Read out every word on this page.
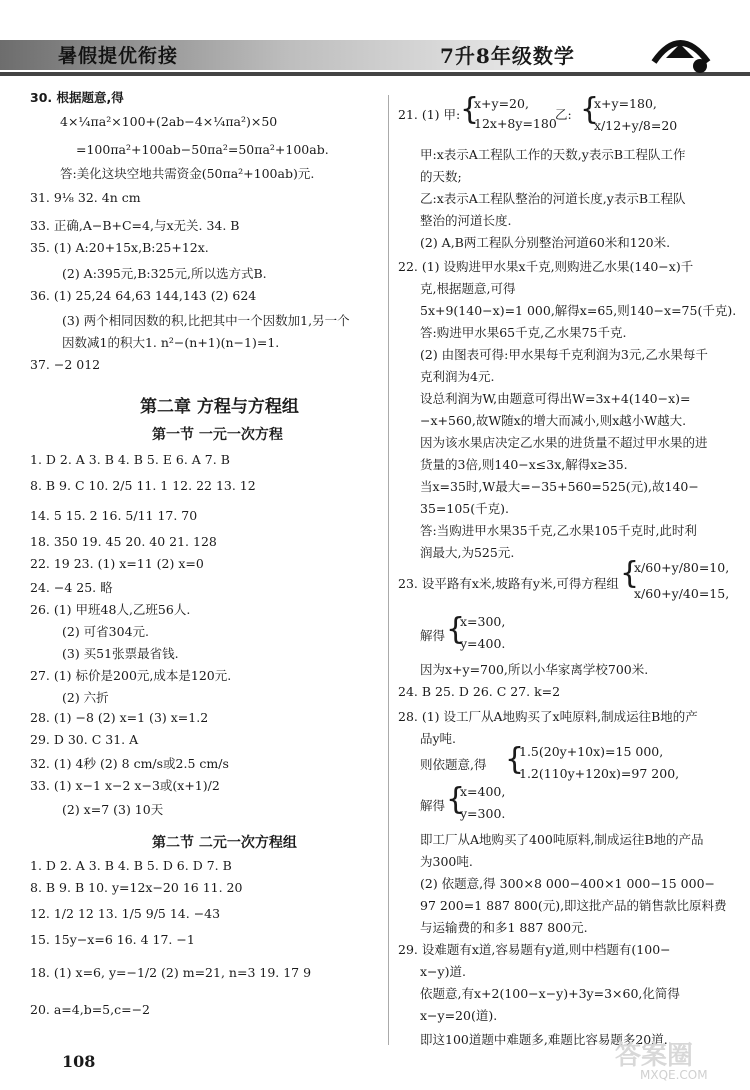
暑假提优衔接	7升8年级数学
30. 根据题意,得
4×¼πa²×100+(2ab−4×¼πa²)×50
=100πa²+100ab−50πa²=50πa²+100ab.
答:美化这块空地共需资金(50πa²+100ab)元.
31. 9⅛ 32. 4n cm
33. 正确,A−B+C=4,与x无关. 34. B
35. (1) A:20+15x,B:25+12x.
(2) A:395元,B:325元,所以选方式B.
36. (1) 25,24 64,63 144,143 (2) 624
(3) 两个相同因数的积,比把其中一个因数加1,另一个
因数减1的积大1. n²−(n+1)(n−1)=1.
37. −2 012
第二章 方程与方程组
第一节 一元一次方程
1. D 2. A 3. B 4. B 5. E 6. A 7. B
8. B 9. C 10. 2/5 11. 1 12. 22 13. 12
14. 5 15. 2 16. 5/11 17. 70
18. 350 19. 45 20. 40 21. 128
22. 19 23. (1) x=11 (2) x=0
24. −4 25. 略
26. (1) 甲班48人,乙班56人.
(2) 可省304元.
(3) 买51张票最省钱.
27. (1) 标价是200元,成本是120元.
(2) 六折
28. (1) −8 (2) x=1 (3) x=1.2
29. D 30. C 31. A
32. (1) 4秒 (2) 8 cm/s或2.5 cm/s
33. (1) x−1 x−2 x−3或(x+1)/2
(2) x=7 (3) 10天
第二节 二元一次方程组
1. D 2. A 3. B 4. B 5. D 6. D 7. B
8. B 9. B 10. y=12x−20 16 11. 20
12. 1/2 12 13. 1/5 9/5 14. −43
15. 15y−x=6 16. 4 17. −1
18. (1) x=6, y=−1/2 (2) m=21, n=3 19. 17 9
20. a=4,b=5,c=−2
21. (1) 甲: {
x+y=20,
12x+8y=180
乙: {
x+y=180,
x/12+y/8=20
甲:x表示A工程队工作的天数,y表示B工程队工作
的天数;
乙:x表示A工程队整治的河道长度,y表示B工程队
整治的河道长度.
(2) A,B两工程队分别整治河道60米和120米.
22. (1) 设购进甲水果x千克,则购进乙水果(140−x)千
克,根据题意,可得
5x+9(140−x)=1 000,解得x=65,则140−x=75(千克).
答:购进甲水果65千克,乙水果75千克.
(2) 由图表可得:甲水果每千克利润为3元,乙水果每千
克利润为4元.
设总利润为W,由题意可得出W=3x+4(140−x)=
−x+560,故W随x的增大而减小,则x越小W越大.
因为该水果店决定乙水果的进货量不超过甲水果的进
货量的3倍,则140−x≤3x,解得x≥35.
当x=35时,W最大=−35+560=525(元),故140−
35=105(千克).
答:当购进甲水果35千克,乙水果105千克时,此时利
润最大,为525元.
23. 设平路有x米,坡路有y米,可得方程组 {
x/60+y/80=10,
x/60+y/40=15,
解得 {
x=300,
y=400.
因为x+y=700,所以小华家离学校700米.
24. B 25. D 26. C 27. k=2
28. (1) 设工厂从A地购买了x吨原料,制成运往B地的产
品y吨.
则依题意,得 {
1.5(20y+10x)=15 000,
1.2(110y+120x)=97 200,
解得 {
x=400,
y=300.
即工厂从A地购买了400吨原料,制成运往B地的产品
为300吨.
(2) 依题意,得 300×8 000−400×1 000−15 000−
97 200=1 887 800(元),即这批产品的销售款比原料费
与运输费的和多1 887 800元.
29. 设难题有x道,容易题有y道,则中档题有(100−
x−y)道.
依题意,有x+2(100−x−y)+3y=3×60,化简得
x−y=20(道).
即这100道题中难题多,难题比容易题多20道.
108	答案圈
MXQE.COM
